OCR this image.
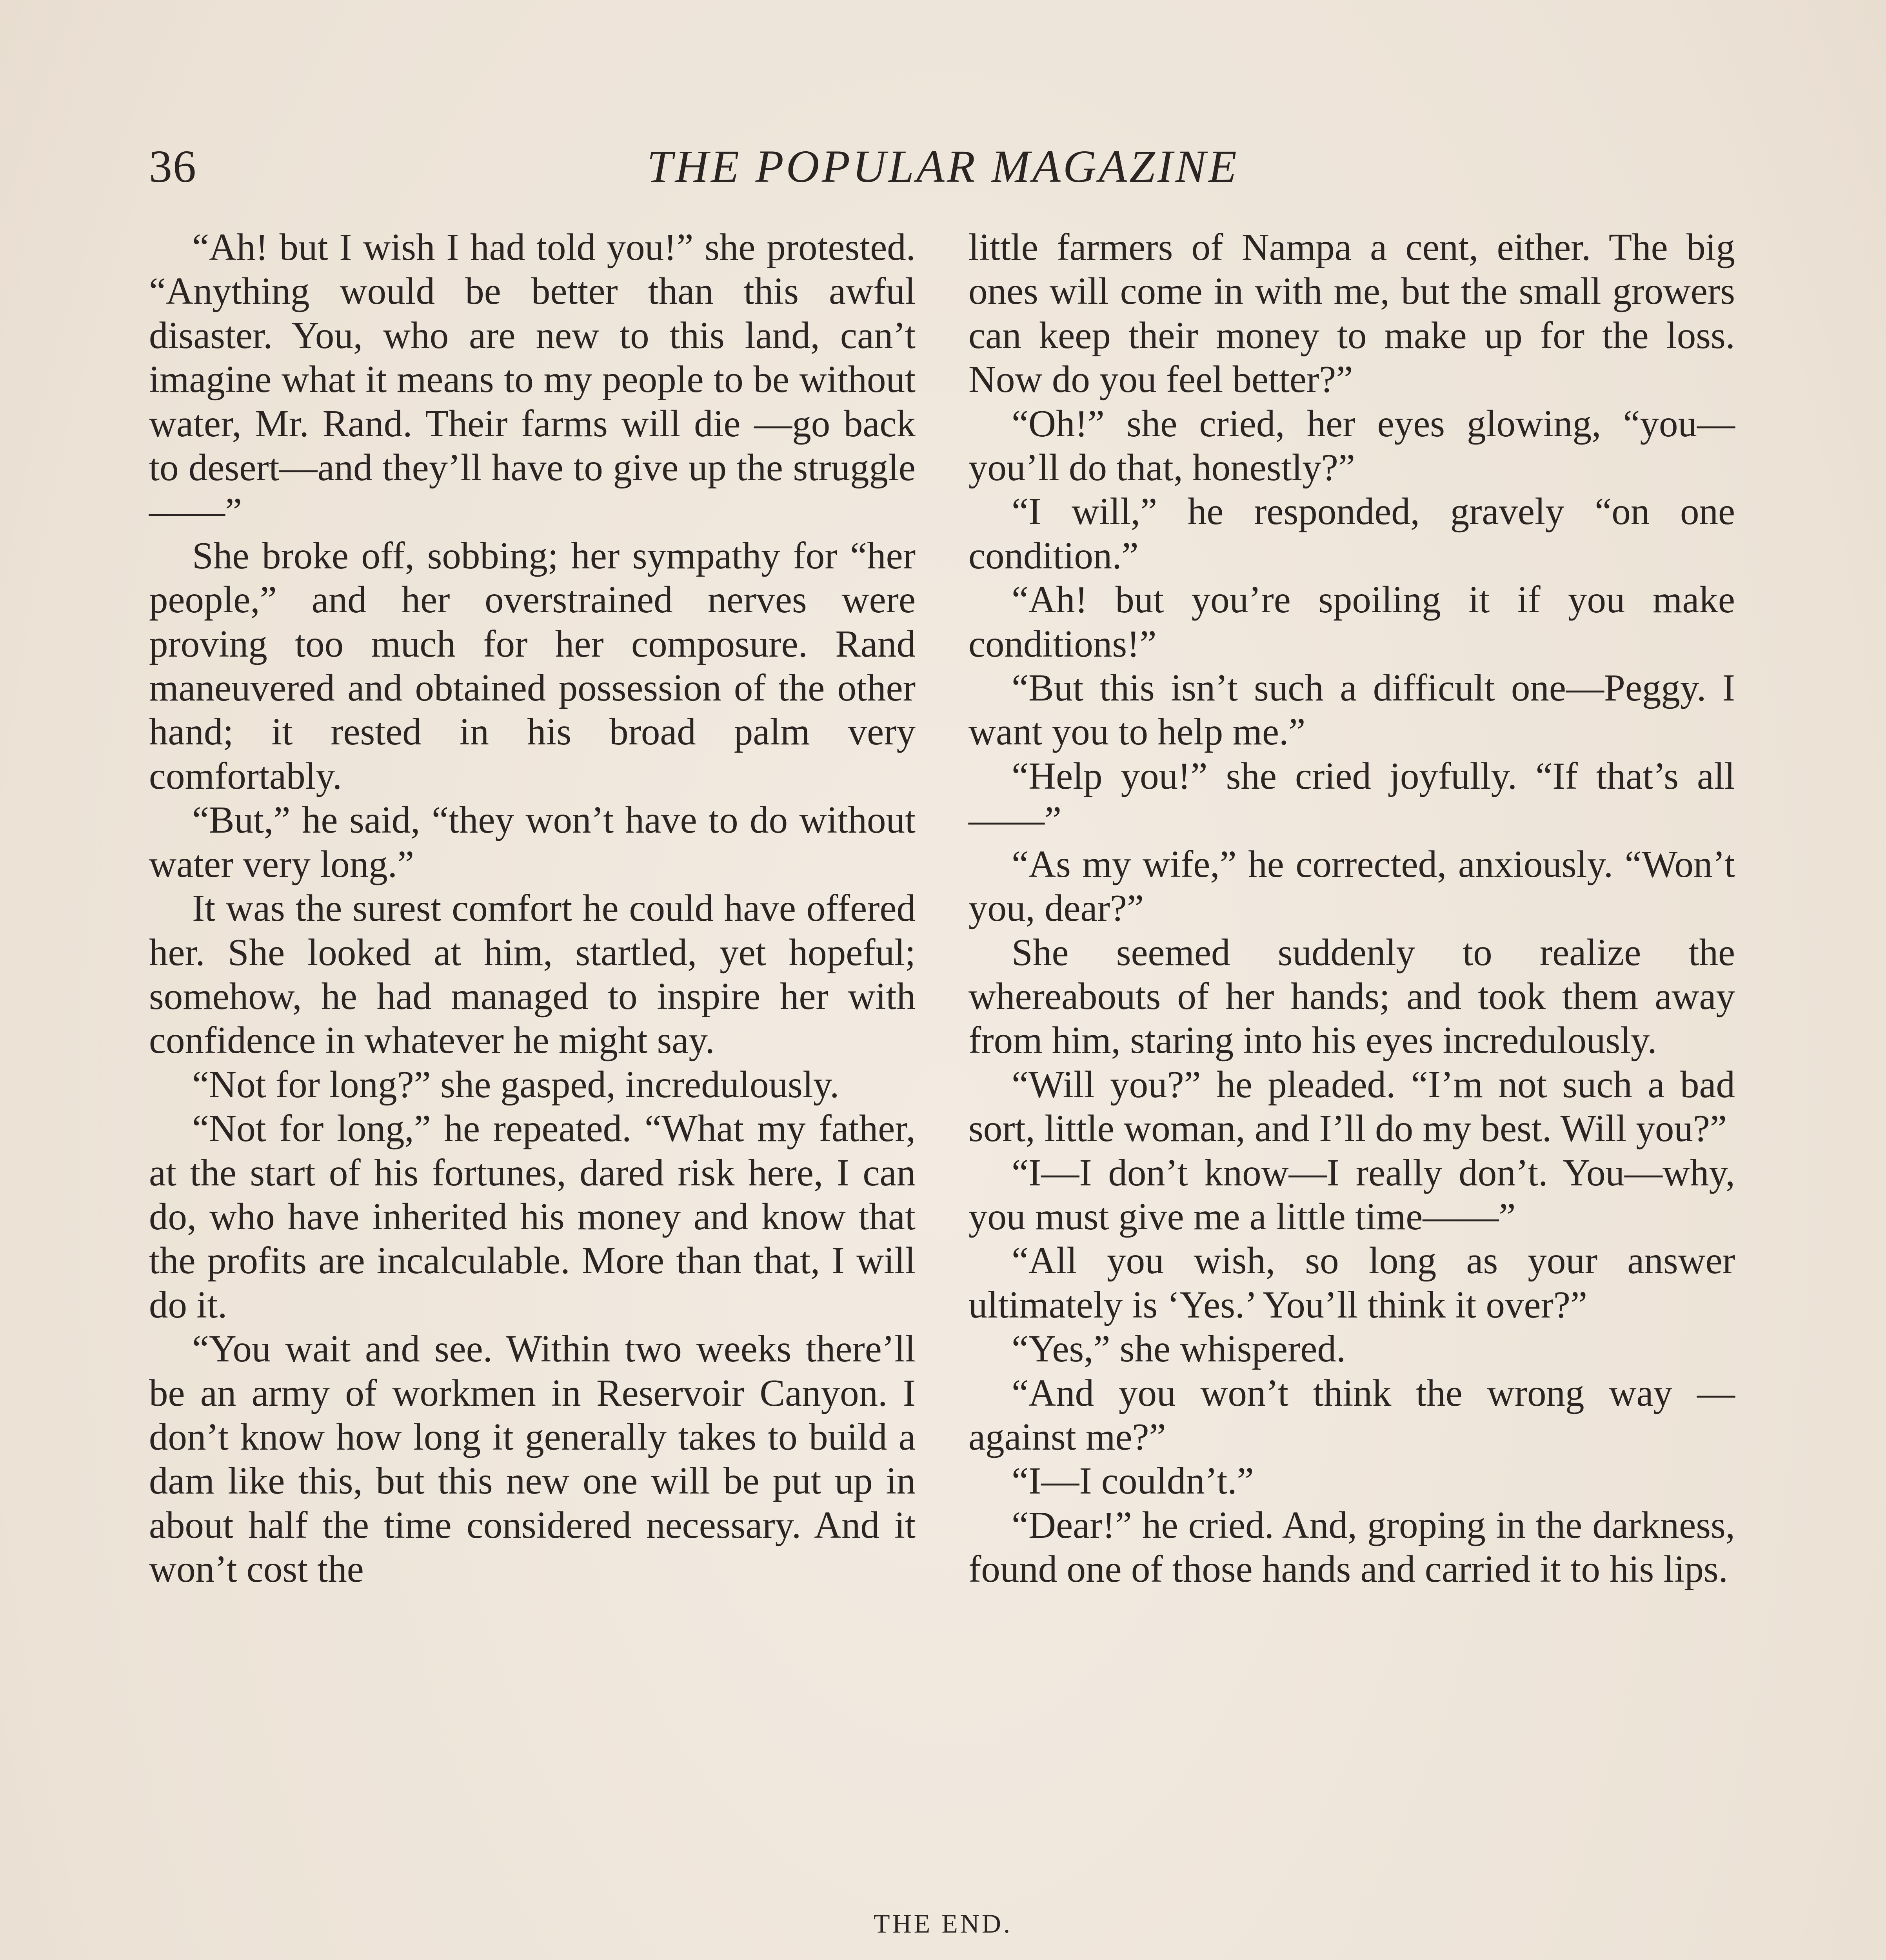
36	THE POPULAR MAGAZINE

“Ah! but I wish I had told you!” she protested. “Anything would be better than this awful disaster. You, who are new to this land, can’t imagine what it means to my people to be without water, Mr. Rand. Their farms will die —go back to desert—and they’ll have to give up the struggle——”

She broke off, sobbing; her sympathy for “her people,” and her overstrained nerves were proving too much for her composure. Rand maneuvered and obtained possession of the other hand; it rested in his broad palm very comfortably.

“But,” he said, “they won’t have to do without water very long.”

It was the surest comfort he could have offered her. She looked at him, startled, yet hopeful; somehow, he had managed to inspire her with confidence in whatever he might say.

“Not for long?” she gasped, incredulously.

“Not for long,” he repeated. “What my father, at the start of his fortunes, dared risk here, I can do, who have inherited his money and know that the profits are incalculable. More than that, I will do it.

“You wait and see. Within two weeks there’ll be an army of workmen in Reservoir Canyon. I don’t know how long it generally takes to build a dam like this, but this new one will be put up in about half the time considered necessary. And it won’t cost the

little farmers of Nampa a cent, either. The big ones will come in with me, but the small growers can keep their money to make up for the loss. Now do you feel better?”

“Oh!” she cried, her eyes glowing, “you—you’ll do that, honestly?”

“I will,” he responded, gravely “on one condition.”

“Ah! but you’re spoiling it if you make conditions!”

“But this isn’t such a difficult one—Peggy. I want you to help me.”

“Help you!” she cried joyfully. “If that’s all——”

“As my wife,” he corrected, anxiously. “Won’t you, dear?”

She seemed suddenly to realize the whereabouts of her hands; and took them away from him, staring into his eyes incredulously.

“Will you?” he pleaded. “I’m not such a bad sort, little woman, and I’ll do my best. Will you?”

“I—I don’t know—I really don’t. You—why, you must give me a little time——”

“All you wish, so long as your answer ultimately is ‘Yes.’ You’ll think it over?”

“Yes,” she whispered.

“And you won’t think the wrong way —against me?”

“I—I couldn’t.”

“Dear!” he cried. And, groping in the darkness, found one of those hands and carried it to his lips.

THE END.
